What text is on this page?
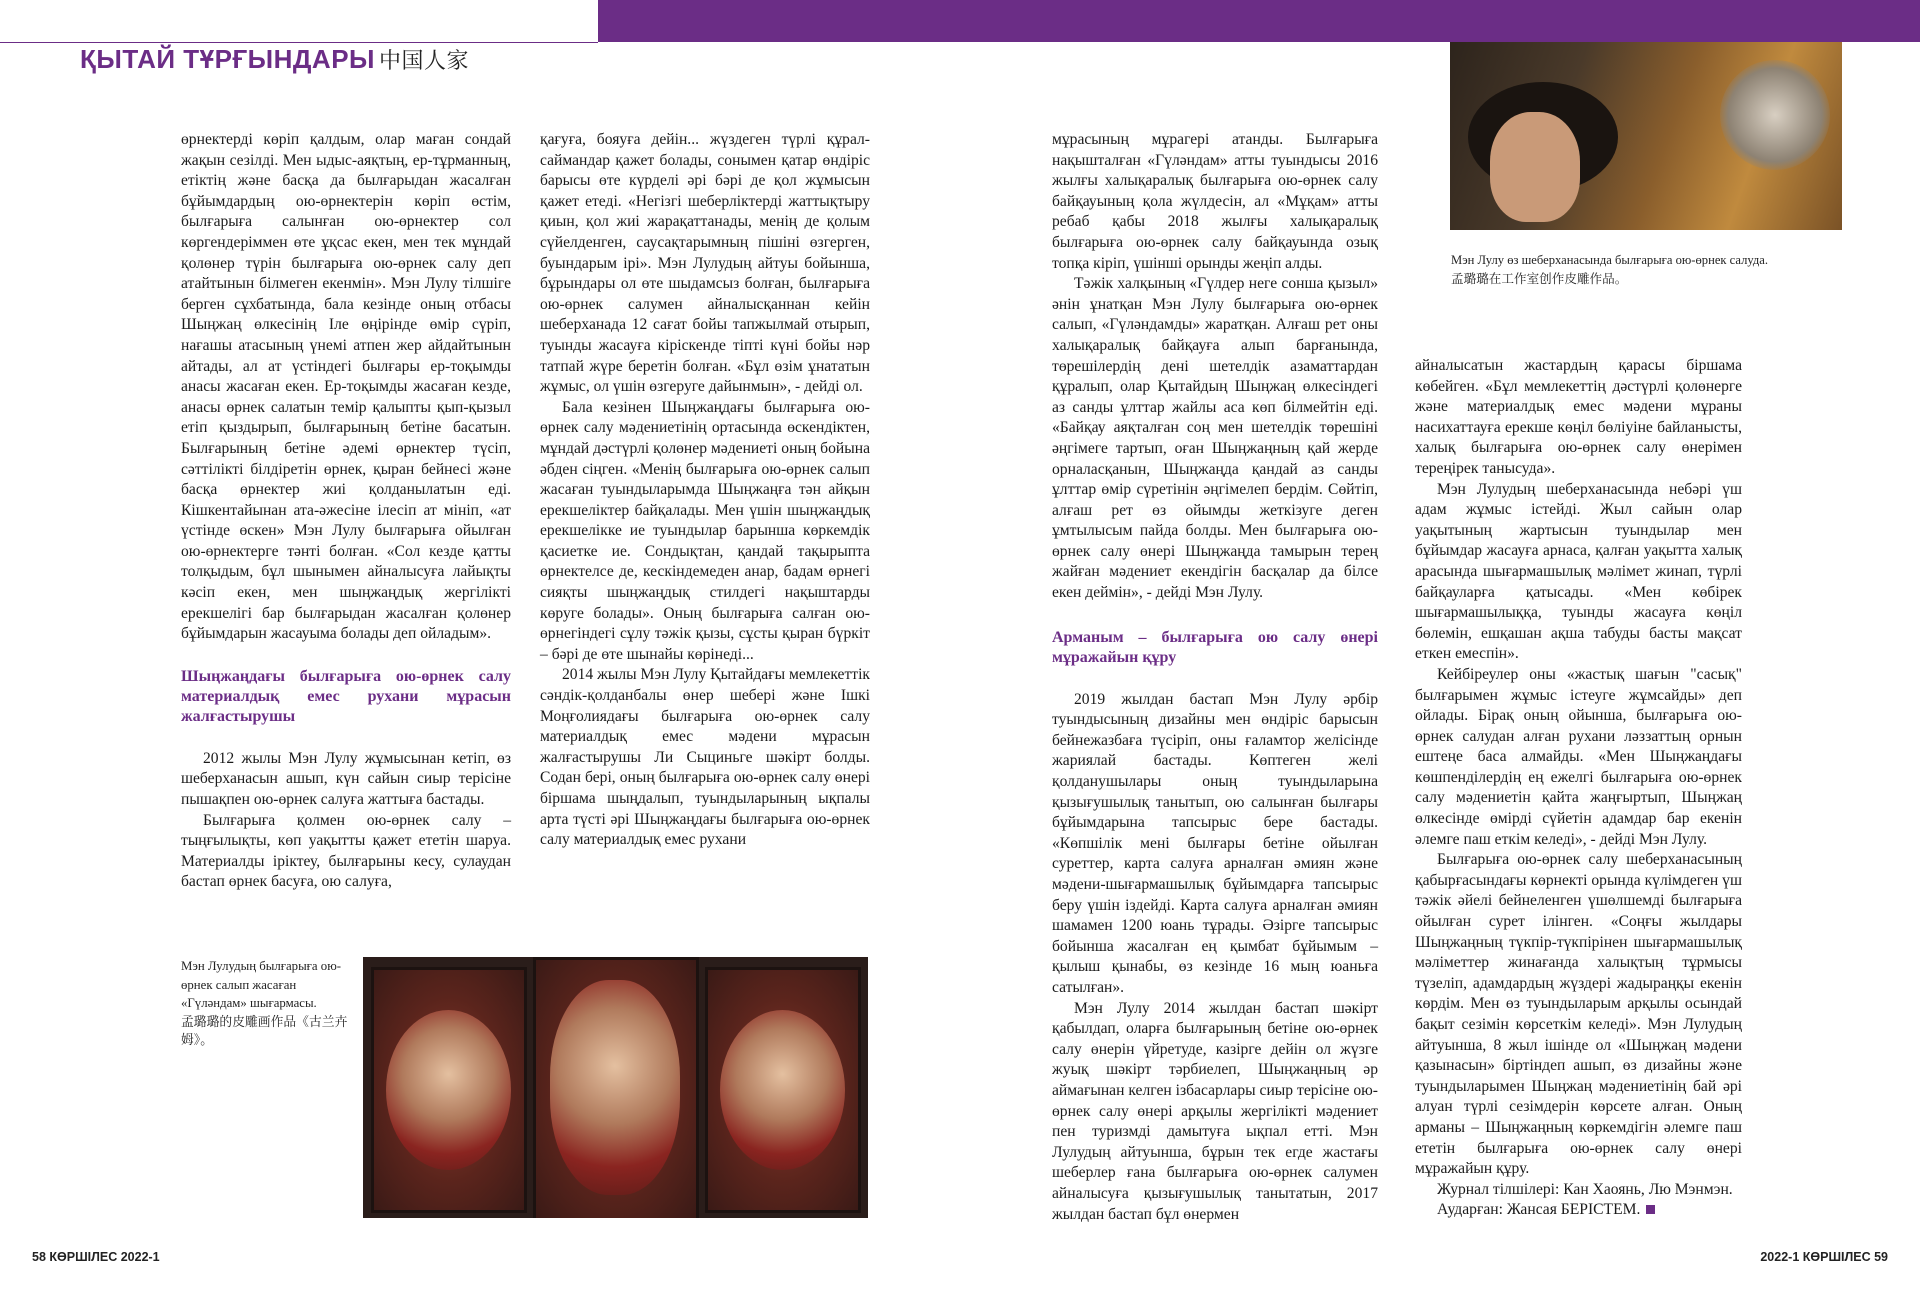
ҚЫТАЙ ТҰРҒЫНДАРЫ 中国人家

өрнектерді көріп қалдым, олар маған сондай жақын сезілді. Мен ыдыс-аяқтың, ер-тұрманның, етіктің және басқа да былғарыдан жасалған бұйымдардың ою-өрнектерін көріп өстім, былғарыға салынған ою-өрнектер сол көргендеріммен өте ұқсас екен, мен тек мұндай қолөнер түрін былғарыға ою-өрнек салу деп атайтынын білмеген екенмін». Мэн Лулу тілшіге берген сұхбатында, бала кезінде оның отбасы Шыңжаң өлкесінің Іле өңірінде өмір сүріп, нағашы атасының үнемі атпен жер айдайтынын айтады, ал ат үстіндегі былғары ер-тоқымды анасы жасаған екен. Ер-тоқымды жасаған кезде, анасы өрнек салатын темір қалыпты қып-қызыл етіп қыздырып, былғарының бетіне басатын. Былғарының бетіне әдемі өрнектер түсіп, сәттілікті білдіретін өрнек, қыран бейнесі және басқа өрнектер жиі қолданылатын еді. Кішкентайынан ата-әжесіне ілесіп ат мініп, «ат үстінде өскен» Мэн Лулу былғарыға ойылған ою-өрнектерге тәнті болған. «Сол кезде қатты толқыдым, бұл шынымен айналысуға лайықты кәсіп екен, мен шыңжаңдық жергілікті ерекшелігі бар былғарыдан жасалған қолөнер бұйымдарын жасауыма болады деп ойладым».

Шыңжаңдағы былғарыға ою-өрнек салу материалдық емес рухани мұрасын жалғастырушы

2012 жылы Мэн Лулу жұмысынан кетіп, өз шеберханасын ашып, күн сайын сиыр терісіне пышақпен ою-өрнек салуға жаттыға бастады.

Былғарыға қолмен ою-өрнек салу – тыңғылықты, көп уақытты қажет ететін шаруа. Материалды іріктеу, былғарыны кесу, сулаудан бастап өрнек басуға, ою салуға,

қағуға, бояуға дейін... жүздеген түрлі құрал-саймандар қажет болады, сонымен қатар өндіріс барысы өте күрделі әрі бәрі де қол жұмысын қажет етеді. «Негізгі шеберліктерді жаттықтыру қиын, қол жиі жарақаттанады, менің де қолым сүйелденген, саусақтарымның пішіні өзгерген, буындарым ірі». Мэн Лулудың айтуы бойынша, бұрындары ол өте шыдамсыз болған, былғарыға ою-өрнек салумен айналысқаннан кейін шеберханада 12 сағат бойы тапжылмай отырып, туынды жасауға кіріскенде тіпті күні бойы нәр татпай жүре беретін болған. «Бұл өзім ұнататын жұмыс, ол үшін өзгеруге дайынмын», - дейді ол.

Бала кезінен Шыңжаңдағы былғарыға ою-өрнек салу мәдениетінің ортасында өскендіктен, мұндай дәстүрлі қолөнер мәдениеті оның бойына әбден сіңген. «Менің былғарыға ою-өрнек салып жасаған туындыларымда Шыңжаңға тән айқын ерекшеліктер байқалады. Мен үшін шыңжаңдық ерекшелікке ие туындылар барынша көркемдік қасиетке ие. Сондықтан, қандай тақырыпта өрнектелсе де, кескіндемеден анар, бадам өрнегі сияқты шыңжаңдық стилдегі нақыштарды көруге болады». Оның былғарыға салған ою-өрнегіндегі сұлу тәжік қызы, сұсты қыран бүркіт – бәрі де өте шынайы көрінеді...

2014 жылы Мэн Лулу Қытайдағы мемлекеттік сәндік-қолданбалы өнер шебері және Ішкі Моңғолиядағы былғарыға ою-өрнек салу материалдық емес мәдени мұрасын жалғастырушы Ли Сыциньге шәкірт болды. Содан бері, оның былғарыға ою-өрнек салу өнері біршама шыңдалып, туындыларының ықпалы арта түсті әрі Шыңжаңдағы былғарыға ою-өрнек салу материалдық емес рухани

мұрасының мұрагері атанды. Былғарыға нақышталған «Гүләндам» атты туындысы 2016 жылғы халықаралық былғарыға ою-өрнек салу байқауының қола жүлдесін, ал «Мұқам» атты ребаб қабы 2018 жылғы халықаралық былғарыға ою-өрнек салу байқауында озық топқа кіріп, үшінші орынды жеңіп алды.

Тәжік халқының «Гүлдер неге сонша қызыл» әнін ұнатқан Мэн Лулу былғарыға ою-өрнек салып, «Гүләндамды» жаратқан. Алғаш рет оны халықаралық байқауға алып барғанында, төрешілердің дені шетелдік азаматтардан құралып, олар Қытайдың Шыңжаң өлкесіндегі аз санды ұлттар жайлы аса көп білмейтін еді. «Байқау аяқталған соң мен шетелдік төрешіні әңгімеге тартып, оған Шыңжаңның қай жерде орналасқанын, Шыңжаңда қандай аз санды ұлттар өмір сүретінін әңгімелеп бердім. Сөйтіп, алғаш рет өз ойымды жеткізуге деген ұмтылысым пайда болды. Мен былғарыға ою-өрнек салу өнері Шыңжаңда тамырын терең жайған мәдениет екендігін басқалар да білсе екен деймін», - дейді Мэн Лулу.

Арманым – былғарыға ою салу өнері мұражайын құру

2019 жылдан бастап Мэн Лулу әрбір туындысының дизайны мен өндіріс барысын бейнежазбаға түсіріп, оны ғаламтор желісінде жариялай бастады. Көптеген желі қолданушылары оның туындыларына қызығушылық танытып, ою салынған былғары бұйымдарына тапсырыс бере бастады. «Көпшілік мені былғары бетіне ойылған суреттер, карта салуға арналған әмиян және мәдени-шығармашылық бұйымдарға тапсырыс беру үшін іздейді. Карта салуға арналған әмиян шамамен 1200 юань тұрады. Әзірге тапсырыс бойынша жасалған ең қымбат бұйымым – қылыш қынабы, өз кезінде 16 мың юаньға сатылған».

Мэн Лулу 2014 жылдан бастап шәкірт қабылдап, оларға былғарының бетіне ою-өрнек салу өнерін үйретуде, казірге дейін ол жүзге жуық шәкірт тәрбиелеп, Шыңжаңның әр аймағынан келген ізбасарлары сиыр терісіне ою-өрнек салу өнері арқылы жергілікті мәдениет пен туризмді дамытуға ықпал етті. Мэн Лулудың айтуынша, бұрын тек егде жастағы шеберлер ғана былғарыға ою-өрнек салумен айналысуға қызығушылық танытатын, 2017 жылдан бастап бұл өнермен

айналысатын жастардың қарасы біршама көбейген. «Бұл мемлекеттің дәстүрлі қолөнерге және материалдық емес мәдени мұраны насихаттауға ерекше көңіл бөліуіне байланысты, халық былғарыға ою-өрнек салу өнерімен тереңірек танысуда».

Мэн Лулудың шеберханасында небәрі үш адам жұмыс істейді. Жыл сайын олар уақытының жартысын туындылар мен бұйымдар жасауға арнаса, қалған уақытта халық арасында шығармашылық мәлімет жинап, түрлі байқауларға қатысады. «Мен көбірек шығармашылыққа, туынды жасауға көңіл бөлемін, ешқашан ақша табуды басты мақсат еткен емеспін».

Кейбіреулер оны «жастық шағын "сасық" былғарымен жұмыс істеуге жұмсайды» деп ойлады. Бірақ оның ойынша, былғарыға ою-өрнек салудан алған рухани ләззаттың орнын ештеңе баса алмайды. «Мен Шыңжаңдағы көшпенділердің ең ежелгі былғарыға ою-өрнек салу мәдениетін қайта жаңғыртып, Шыңжаң өлкесінде өмірді сүйетін адамдар бар екенін әлемге паш еткім келеді», - дейді Мэн Лулу.

Былғарыға ою-өрнек салу шеберханасының қабырғасындағы көрнекті орында күлімдеген үш тәжік әйелі бейнеленген үшөлшемді былғарыға ойылған сурет ілінген. «Соңғы жылдары Шыңжаңның түкпір-түкпірінен шығармашылық мәліметтер жинағанда халықтың тұрмысы түзеліп, адамдардың жүздері жадыраңқы екенін көрдім. Мен өз туындыларым арқылы осындай бақыт сезімін көрсеткім келеді». Мэн Лулудың айтуынша, 8 жыл ішінде ол «Шыңжаң мәдени қазынасын» біртіндеп ашып, өз дизайны және туындыларымен Шыңжаң мәдениетінің бай әрі алуан түрлі сезімдерін көрсете алған. Оның арманы – Шыңжаңның көркемдігін әлемге паш ететін былғарыға ою-өрнек салу өнері мұражайын құру.

Журнал тілшілері: Кан Хаоянь, Лю Мэнмэн.

Аударған: Жансая БЕРІСТЕМ.

Мэн Лулу өз шеберханасында былғарыға ою-өрнек салуда.
孟璐璐在工作室创作皮雕作品。
Мэн Лулудың былғарыға ою-өрнек салып жасаған «Гүләндам» шығармасы.
孟璐璐的皮雕画作品《古兰卉姆》。
58 КӨРШІЛЕС 2022-1	2022-1 КӨРШІЛЕС 59
